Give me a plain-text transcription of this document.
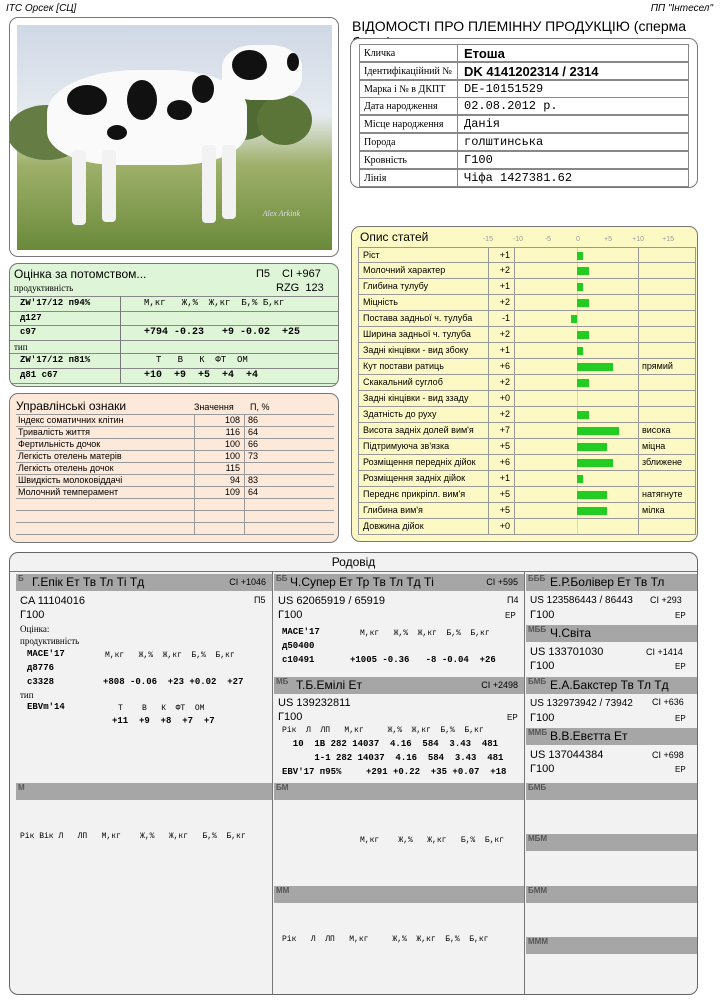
ІТС Орсек [СЦ]	ПП "Інтесел"
ВІДОМОСТІ ПРО ПЛЕМІННУ ПРОДУКЦІЮ (сперма
Alex Arkink
Кличка	Етоша
Ідентифікаційний № DK 4141202314 / 2314
Марка і № в ДКПТ	DE-10151529
Дата народження	02.08.2012 р.
Місце народження	Данія
Порода	голштинська
Кровність	Г100
Лінія	Чіфа 1427381.62
Оцінка за потомством...	П5 CI +967
продуктивність	RZG  123
ZW'17/12 п94%	М,кг   Ж,%  Ж,кг  Б,% Б,кг
д127
с97	+794 -0.23   +9 -0.02  +25
тип
ZW'17/12 п81%	Т   В   К  ФТ  ОМ
д81 с67	+10  +9  +5  +4  +4
Управлінські ознаки	Значення П, %
Індекс соматичних клітин	108 86
Тривалість життя	116 64
Фертильність дочок	100 66
Легкість отелень матерів	100 73
Легкість отелень дочок	115
Швидкість молоковіддачі	94 83
Молочний темперамент	109 64
Опис статей	-15	-10	-5	0	+5	+10	+15
Ріст	+1
Молочний характер	+2
Глибина тулубу	+1
Міцність	+2
Постава задньої ч. тулуба	-1
Ширина задньої ч. тулуба	+2
Задні кінцівки - вид збоку	+1
Кут постави ратиць	+6	прямий
Скакальний суглоб	+2
Задні кінцівки - вид ззаду	+0
Здатність до руху	+2
Висота задніх долей вим'я	+7	висока
Підтримуюча зв'язка	+5	міцна
Розміщення передніх дійок	+6	зближене
Розміщення задніх дійок	+1
Переднє прикріпл. вим'я	+5	натягнуте
Глибина вим'я	+5	мілка
Довжина дійок	+0
Родовід
Б Г.Епік Ет Тв Тл Ті Тд	CI +1046
CA 11104016	П5
Г100
Оцінка:
продуктивність
MACE'17	М,кг   Ж,%  Ж,кг  Б,%  Б,кг
д8776
с3328	+808 -0.06  +23 +0.02  +27
тип
EBVm'14	Т    В   К  ФТ  ОМ
+11  +9  +8  +7  +7
ББ Ч.Супер Ет Тр Тв Тл Тд Ті	CI +595
US 62065919 / 65919	П4
Г100	ЕР
MACE'17	М,кг   Ж,%  Ж,кг  Б,%  Б,кг
д50400
с10491	+1005 -0.36   -8 -0.04  +26
БББ Е.Р.Болівер Ет Тв Тл
US 123586443 / 86443 CI +293
Г100	ЕР
МББ Ч.Світа
US 133701030	CI +1414
Г100	ЕР
МБ Т.Б.Емілі Ет	CI +2498
US 139232811
Г100	ЕР
Рік  Л  ЛП   М,кг     Ж,%  Ж,кг  Б,%  Б,кг
10  1В 282 14037  4.16  584  3.43  481
1-1 282 14037  4.16  584  3.43  481
EBV'17 п95%	+291 +0.22  +35 +0.07  +18
БМБ Е.А.Бакстер Тв Тл Тд
US 132973942 / 73942 CI +636
Г100	ЕР
ММБ В.В.Евєтта Ет
US 137044384	CI +698
Г100	ЕР
М
Рік Вік Л   ЛП   М,кг    Ж,%   Ж,кг   Б,%  Б,кг
БМ
М,кг    Ж,%   Ж,кг   Б,%  Б,кг
БМБ
МБМ
ММ
Рік   Л  ЛП   М,кг     Ж,%  Ж,кг  Б,%  Б,кг
БММ
МММ
